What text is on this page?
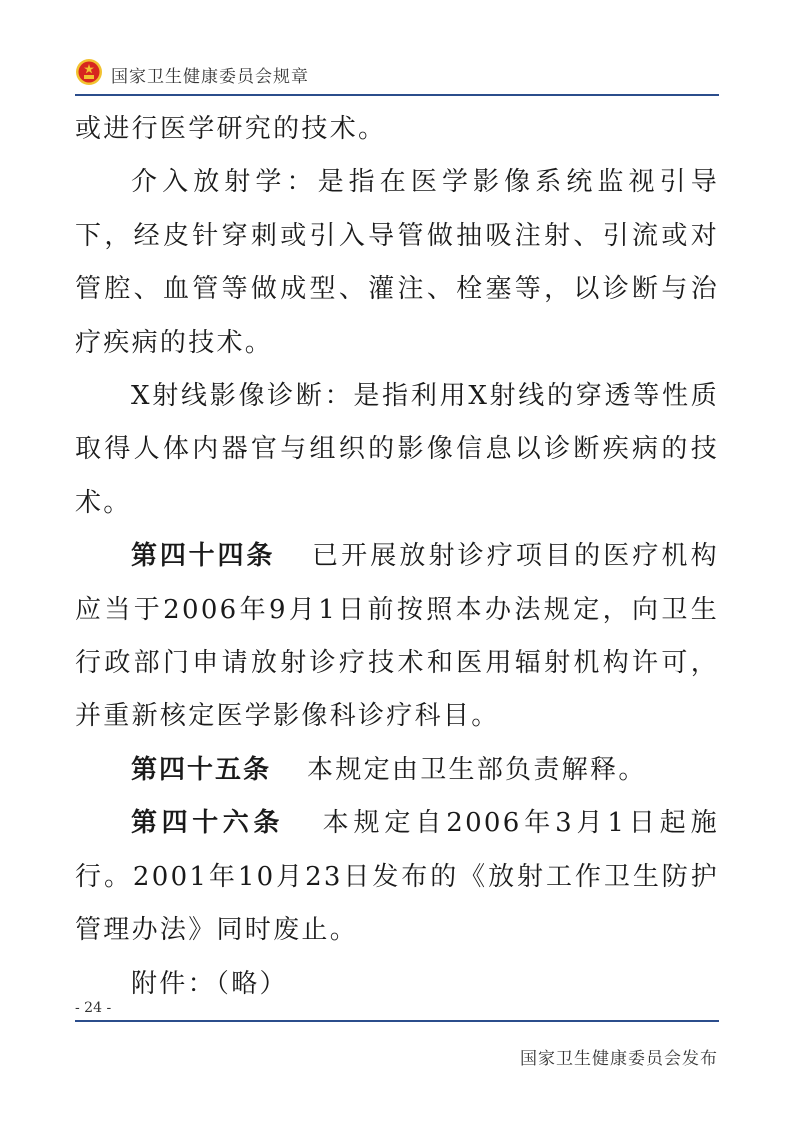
国家卫生健康委员会规章

或进行医学研究的技术。

介入放射学：是指在医学影像系统监视引导下，经皮针穿刺或引入导管做抽吸注射、引流或对管腔、血管等做成型、灌注、栓塞等，以诊断与治疗疾病的技术。

X射线影像诊断：是指利用X射线的穿透等性质取得人体内器官与组织的影像信息以诊断疾病的技术。

第四十四条 已开展放射诊疗项目的医疗机构应当于2006年9月1日前按照本办法规定，向卫生行政部门申请放射诊疗技术和医用辐射机构许可，并重新核定医学影像科诊疗科目。

第四十五条 本规定由卫生部负责解释。

第四十六条 本规定自2006年3月1日起施行。2001年10月23日发布的《放射工作卫生防护管理办法》同时废止。

附件：（略）

- 24 -
国家卫生健康委员会发布
